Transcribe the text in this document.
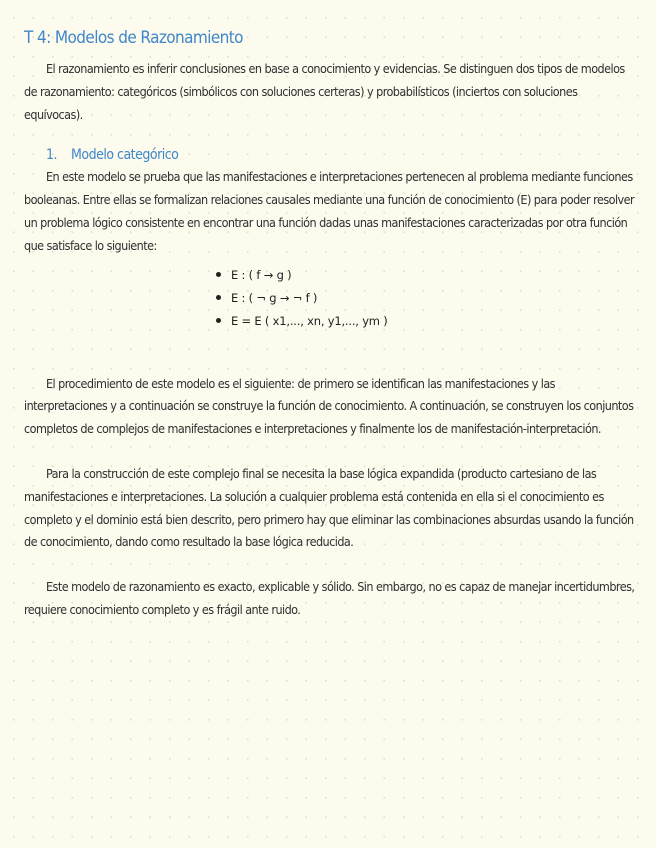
T 4: Modelos de Razonamiento

El razonamiento es inferir conclusiones en base a conocimiento y evidencias. Se distinguen dos tipos de modelos de razonamiento: categóricos (simbólicos con soluciones certeras) y probabilísticos (inciertos con soluciones equívocas).

1. Modelo categórico

En este modelo se prueba que las manifestaciones e interpretaciones pertenecen al problema mediante funciones booleanas. Entre ellas se formalizan relaciones causales mediante una función de conocimiento (E) para poder resolver un problema lógico consistente en encontrar una función dadas unas manifestaciones caracterizadas por otra función que satisface lo siguiente:

E : ( f → g )
E : ( ¬ g → ¬ f )
E = E ( x1,..., xn, y1,..., ym )

El procedimiento de este modelo es el siguiente: de primero se identifican las manifestaciones y las interpretaciones y a continuación se construye la función de conocimiento. A continuación, se construyen los conjuntos completos de complejos de manifestaciones e interpretaciones y finalmente los de manifestación-interpretación.

Para la construcción de este complejo final se necesita la base lógica expandida (producto cartesiano de las manifestaciones e interpretaciones. La solución a cualquier problema está contenida en ella si el conocimiento es completo y el dominio está bien descrito, pero primero hay que eliminar las combinaciones absurdas usando la función de conocimiento, dando como resultado la base lógica reducida.

Este modelo de razonamiento es exacto, explicable y sólido. Sin embargo, no es capaz de manejar incertidumbres, requiere conocimiento completo y es frágil ante ruido.
